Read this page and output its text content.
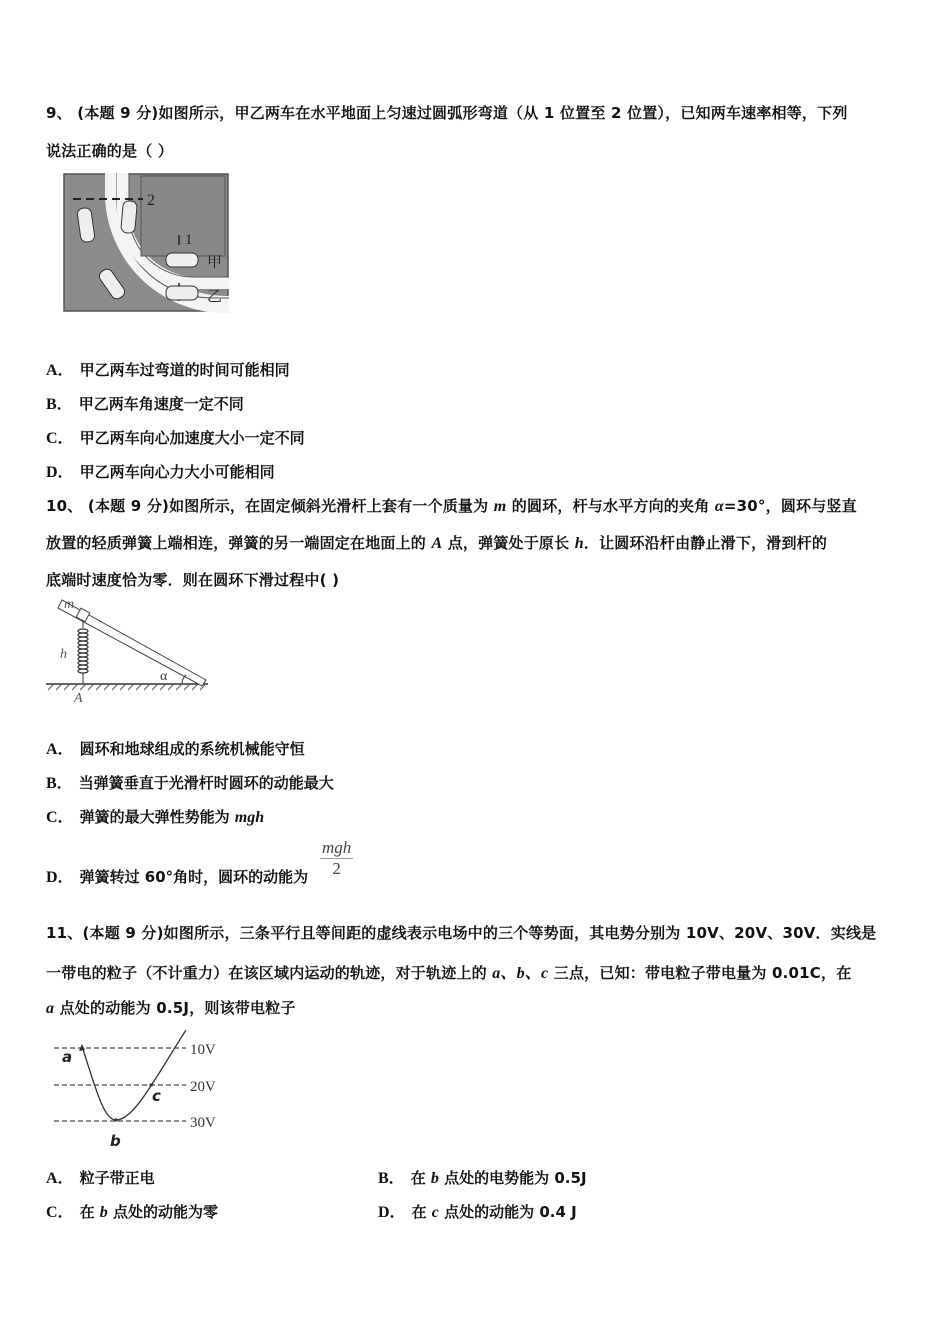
9、 (本题 9 分)如图所示，甲乙两车在水平地面上匀速过圆弧形弯道（从 1 位置至 2 位置），已知两车速率相等，下列
说法正确的是（ ）
2
1
甲
乙
A． 甲乙两车过弯道的时间可能相同
B． 甲乙两车角速度一定不同
C． 甲乙两车向心加速度大小一定不同
D． 甲乙两车向心力大小可能相同
10、 (本题 9 分)如图所示，在固定倾斜光滑杆上套有一个质量为 m 的圆环，杆与水平方向的夹角 α=30°，圆环与竖直
放置的轻质弹簧上端相连，弹簧的另一端固定在地面上的 A 点，弹簧处于原长 h．让圆环沿杆由静止滑下，滑到杆的
底端时速度恰为零．则在圆环下滑过程中( )
m
h
α
A
A． 圆环和地球组成的系统机械能守恒
B． 当弹簧垂直于光滑杆时圆环的动能最大
C． 弹簧的最大弹性势能为 mgh
D． 弹簧转过 60°角时，圆环的动能为
mgh
2
11、(本题 9 分)如图所示，三条平行且等间距的虚线表示电场中的三个等势面，其电势分别为 10V、20V、30V．实线是
一带电的粒子（不计重力）在该区域内运动的轨迹，对于轨迹上的 a、b、c 三点，已知：带电粒子带电量为 0.01C，在
a 点处的动能为 0.5J，则该带电粒子
10V
20V
30V
a
b
c
A． 粒子带正电	B． 在 b 点处的电势能为 0.5J
C． 在 b 点处的动能为零	D． 在 c 点处的动能为 0.4 J
